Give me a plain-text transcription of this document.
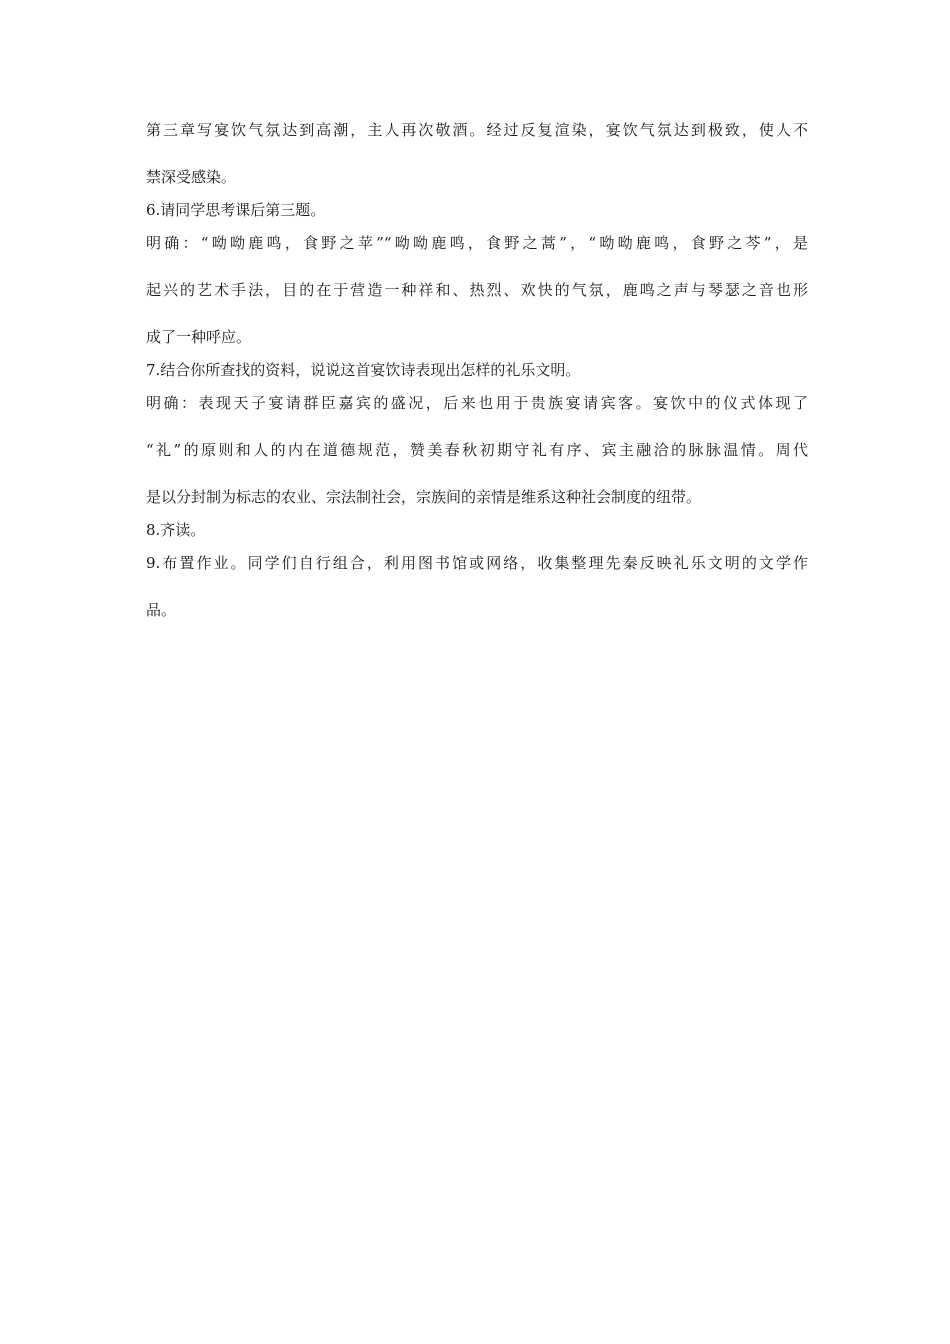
第三章写宴饮气氛达到高潮，主人再次敬酒。经过反复渲染，宴饮气氛达到极致，使人不
禁深受感染。
6.请同学思考课后第三题。
明确：“呦呦鹿鸣，食野之苹”“呦呦鹿鸣，食野之蒿”，“呦呦鹿鸣，食野之芩”，是
起兴的艺术手法，目的在于营造一种祥和、热烈、欢快的气氛，鹿鸣之声与琴瑟之音也形
成了一种呼应。
7.结合你所查找的资料，说说这首宴饮诗表现出怎样的礼乐文明。
明确：表现天子宴请群臣嘉宾的盛况，后来也用于贵族宴请宾客。宴饮中的仪式体现了
“礼”的原则和人的内在道德规范，赞美春秋初期守礼有序、宾主融洽的脉脉温情。周代
是以分封制为标志的农业、宗法制社会，宗族间的亲情是维系这种社会制度的纽带。
8.齐读。
9.布置作业。同学们自行组合，利用图书馆或网络，收集整理先秦反映礼乐文明的文学作
品。
